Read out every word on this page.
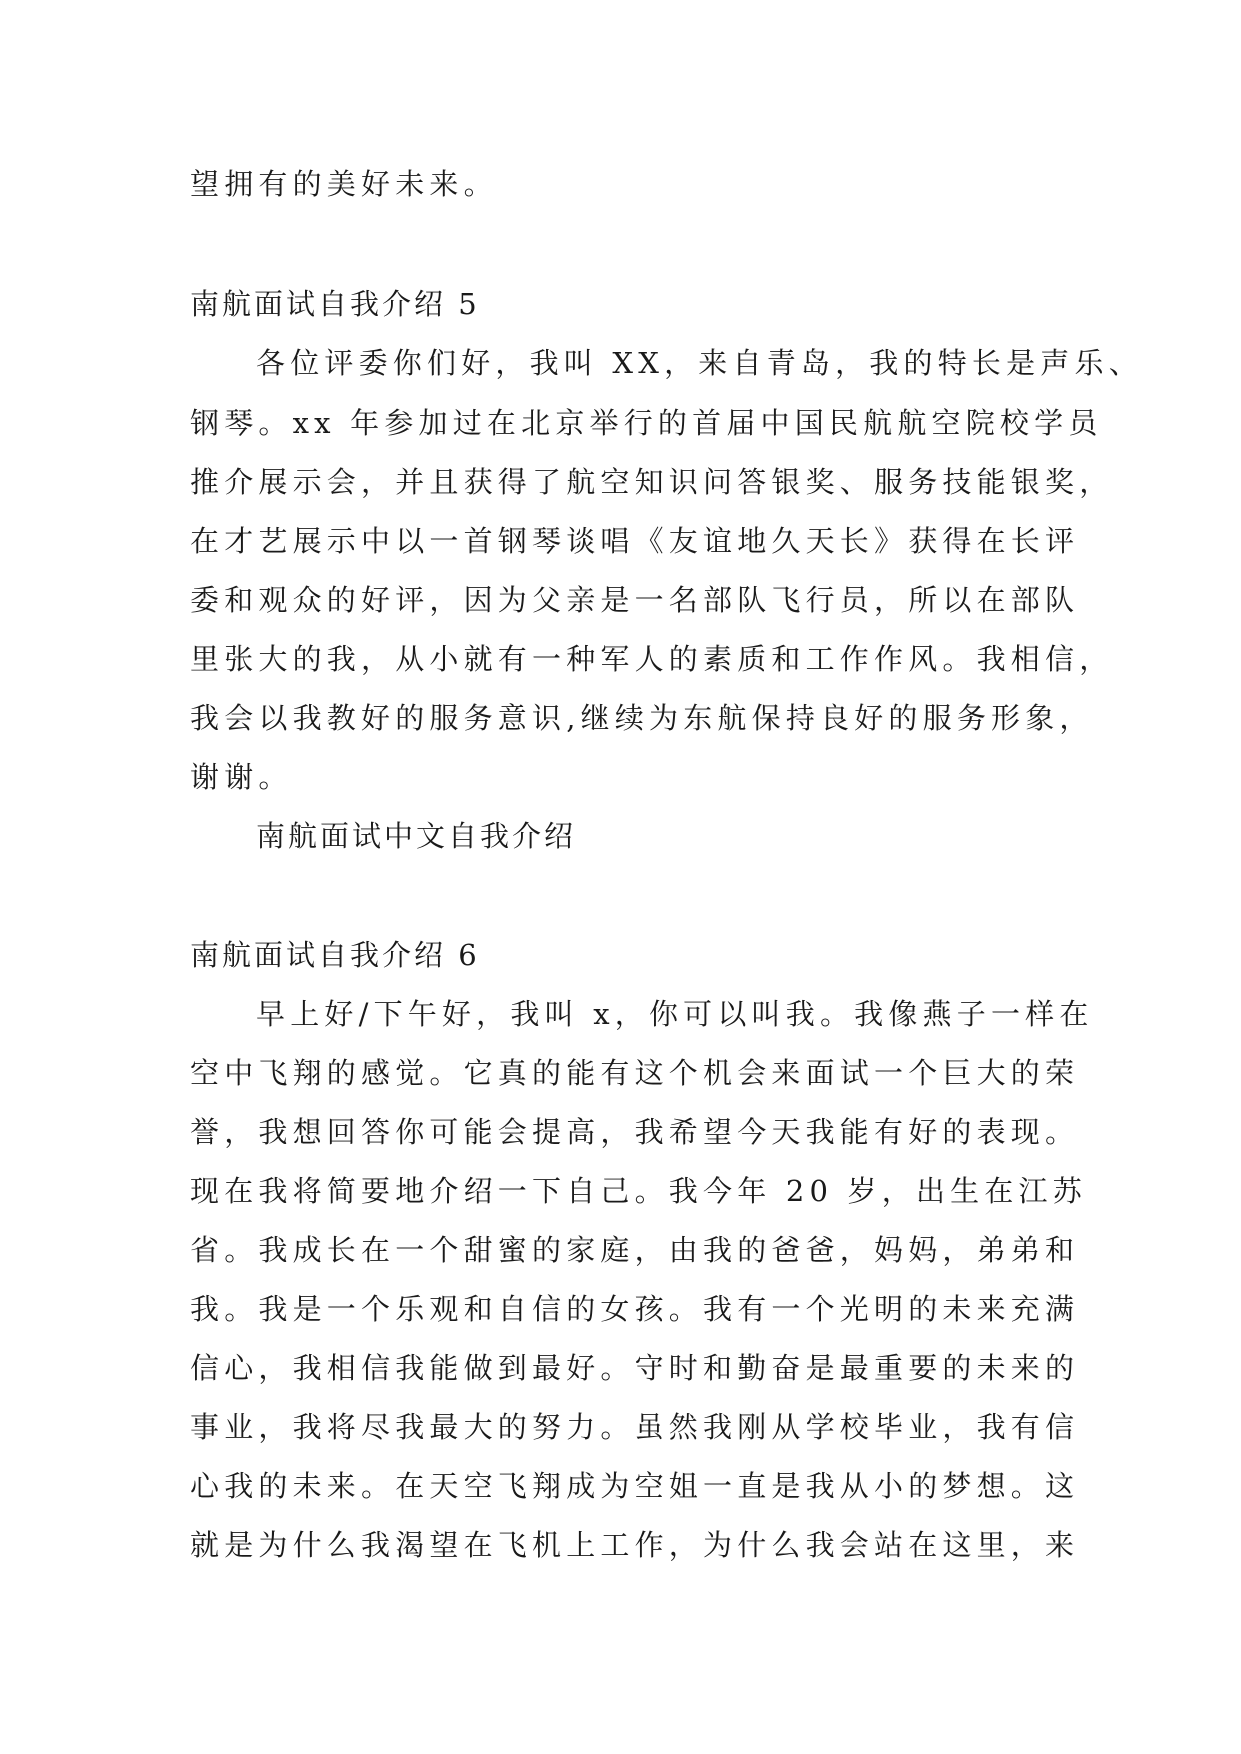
望拥有的美好未来。
南航面试自我介绍 5
各位评委你们好，我叫 XX，来自青岛，我的特长是声乐、
钢琴。xx 年参加过在北京举行的首届中国民航航空院校学员
推介展示会，并且获得了航空知识问答银奖、服务技能银奖，
在才艺展示中以一首钢琴谈唱《友谊地久天长》获得在长评
委和观众的好评，因为父亲是一名部队飞行员，所以在部队
里张大的我，从小就有一种军人的素质和工作作风。我相信，
我会以我教好的服务意识,继续为东航保持良好的服务形象，
谢谢。
南航面试中文自我介绍
南航面试自我介绍 6
早上好/下午好，我叫 x，你可以叫我。我像燕子一样在
空中飞翔的感觉。它真的能有这个机会来面试一个巨大的荣
誉，我想回答你可能会提高，我希望今天我能有好的表现。
现在我将简要地介绍一下自己。我今年 20 岁，出生在江苏
省。我成长在一个甜蜜的家庭，由我的爸爸，妈妈，弟弟和
我。我是一个乐观和自信的女孩。我有一个光明的未来充满
信心，我相信我能做到最好。守时和勤奋是最重要的未来的
事业，我将尽我最大的努力。虽然我刚从学校毕业，我有信
心我的未来。在天空飞翔成为空姐一直是我从小的梦想。这
就是为什么我渴望在飞机上工作，为什么我会站在这里，来
